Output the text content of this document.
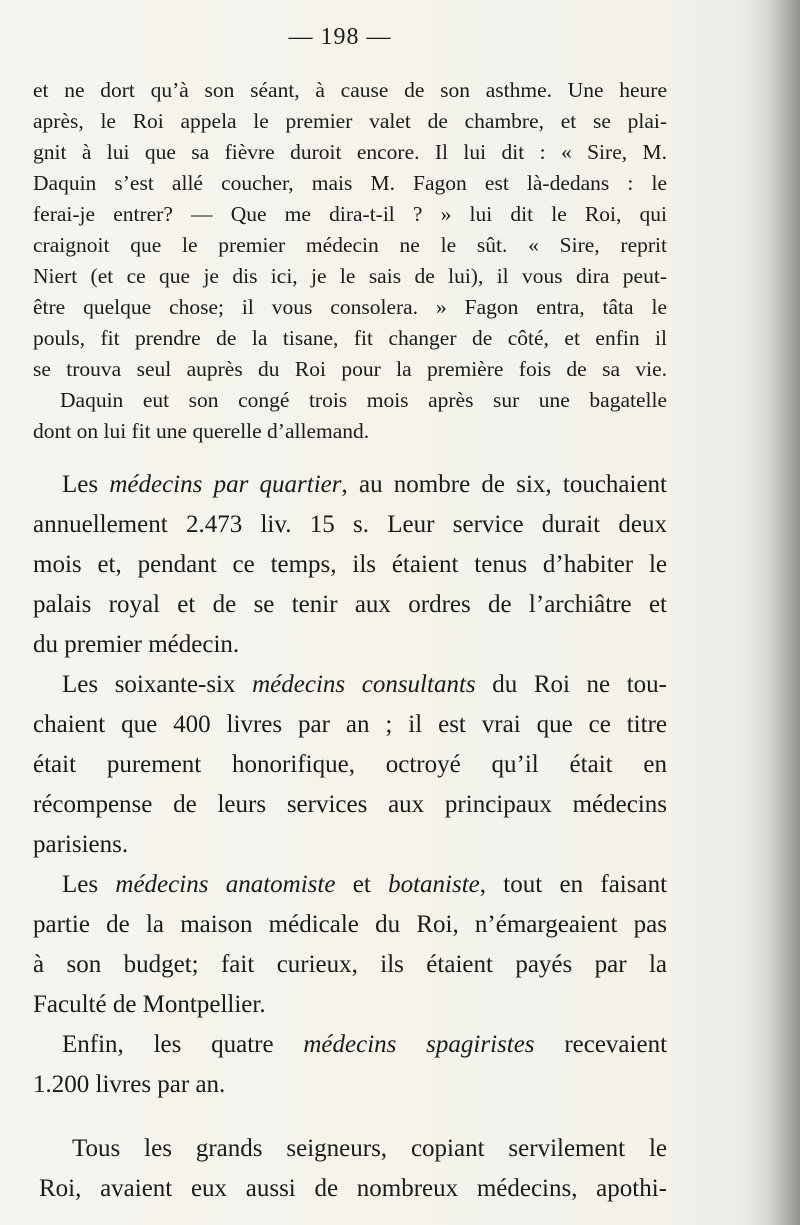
— 198 —
et ne dort qu’à son séant, à cause de son asthme. Une heure
après, le Roi appela le premier valet de chambre, et se plai-
gnit à lui que sa fièvre duroit encore. Il lui dit : « Sire, M.
Daquin s’est allé coucher, mais M. Fagon est là-dedans : le
ferai-je entrer? — Que me dira-t-il ? » lui dit le Roi, qui
craignoit que le premier médecin ne le sût. « Sire, reprit
Niert (et ce que je dis ici, je le sais de lui), il vous dira peut-
être quelque chose; il vous consolera. » Fagon entra, tâta le
pouls, fit prendre de la tisane, fit changer de côté, et enfin il
se trouva seul auprès du Roi pour la première fois de sa vie.
Daquin eut son congé trois mois après sur une bagatelle
dont on lui fit une querelle d’allemand.
Les médecins par quartier, au nombre de six, touchaient
annuellement 2.473 liv. 15 s. Leur service durait deux
mois et, pendant ce temps, ils étaient tenus d’habiter le
palais royal et de se tenir aux ordres de l’archiâtre et
du premier médecin.
Les soixante-six médecins consultants du Roi ne tou-
chaient que 400 livres par an ; il est vrai que ce titre
était purement honorifique, octroyé qu’il était en
récompense de leurs services aux principaux médecins
parisiens.
Les médecins anatomiste et botaniste, tout en faisant
partie de la maison médicale du Roi, n’émargeaient pas
à son budget; fait curieux, ils étaient payés par la
Faculté de Montpellier.
Enfin, les quatre médecins spagiristes recevaient
1.200 livres par an.
Tous les grands seigneurs, copiant servilement le
Roi, avaient eux aussi de nombreux médecins, apothi-
